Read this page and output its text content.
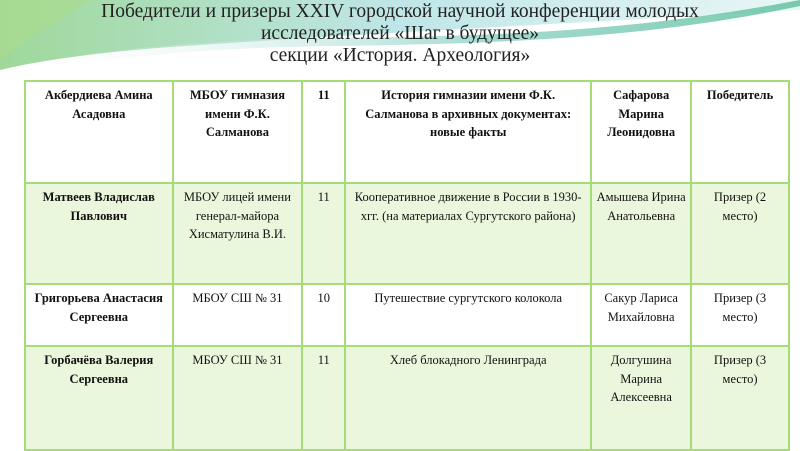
Победители и призеры XXIV городской научной конференции молодых
исследователей «Шаг в будущее»
секции «История. Археология»
Акбердиева Амина Асадовна	МБОУ гимназия имени Ф.К. Салманова	11	История гимназии имени Ф.К. Салманова в архивных документах: новые факты	Сафарова Марина Леонидовна	Победитель
Матвеев Владислав Павлович	МБОУ лицей имени генерал-майора Хисматулина В.И.	11	Кооперативное движение в России в 1930-хгг. (на материалах Сургутского района)	Амышева Ирина Анатольевна	Призер (2 место)
Григорьева Анастасия Сергеевна	МБОУ СШ № 31	10	Путешествие сургутского колокола	Сакур Лариса Михайловна	Призер (3 место)
Горбачёва Валерия Сергеевна	МБОУ СШ № 31	11	Хлеб блокадного Ленинграда	Долгушина Марина Алексеевна	Призер (3 место)
